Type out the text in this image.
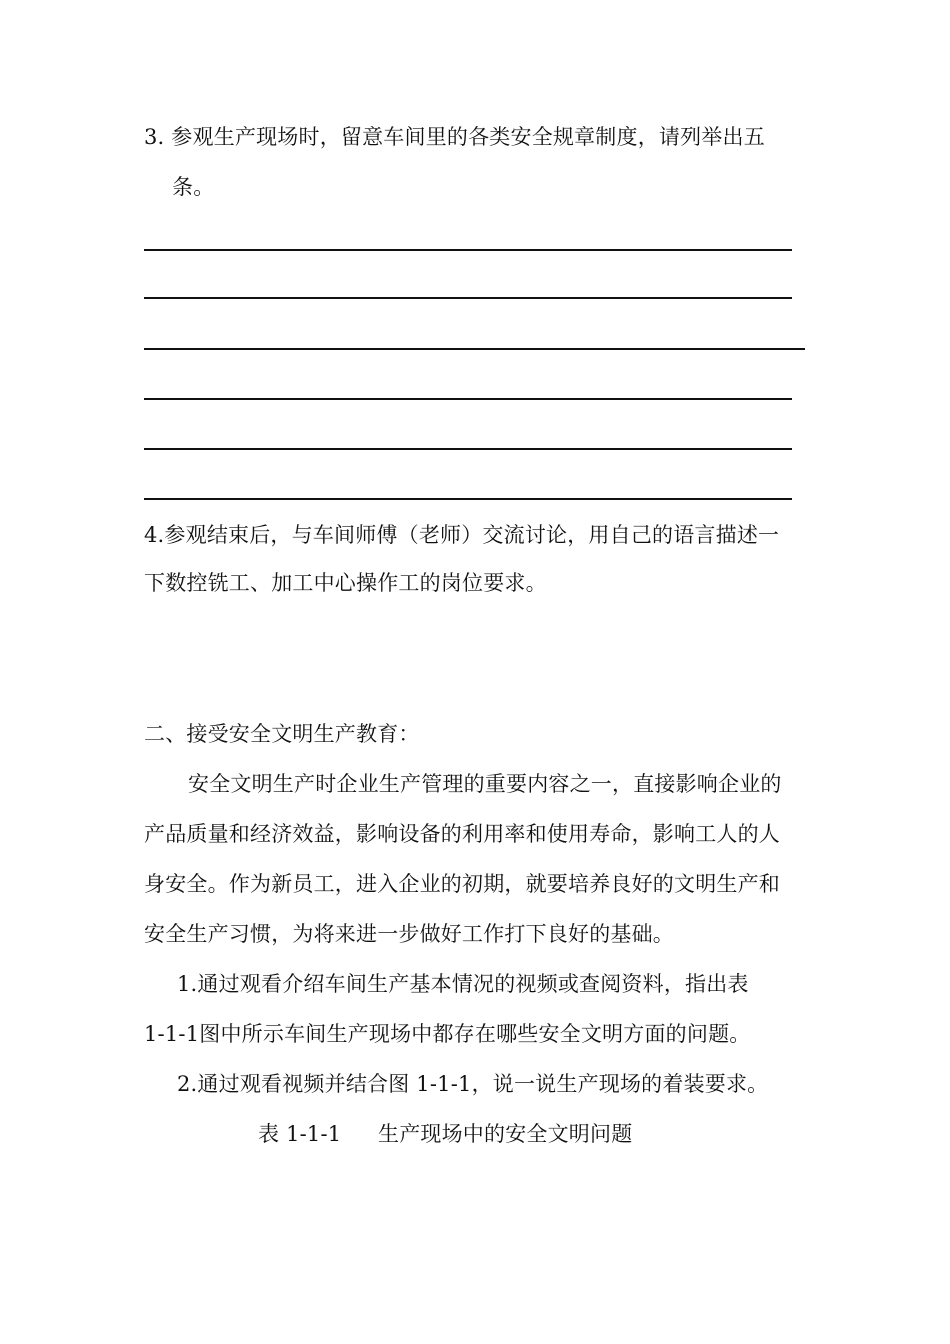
3. 参观生产现场时，留意车间里的各类安全规章制度，请列举出五
条。
4.参观结束后，与车间师傅（老师）交流讨论，用自己的语言描述一
下数控铣工、加工中心操作工的岗位要求。
二、接受安全文明生产教育：
安全文明生产时企业生产管理的重要内容之一，直接影响企业的
产品质量和经济效益，影响设备的利用率和使用寿命，影响工人的人
身安全。作为新员工，进入企业的初期，就要培养良好的文明生产和
安全生产习惯，为将来进一步做好工作打下良好的基础。
1.通过观看介绍车间生产基本情况的视频或查阅资料，指出表
1-1-1图中所示车间生产现场中都存在哪些安全文明方面的问题。
2.通过观看视频并结合图 1-1-1，说一说生产现场的着装要求。
表 1-1-1 生产现场中的安全文明问题
